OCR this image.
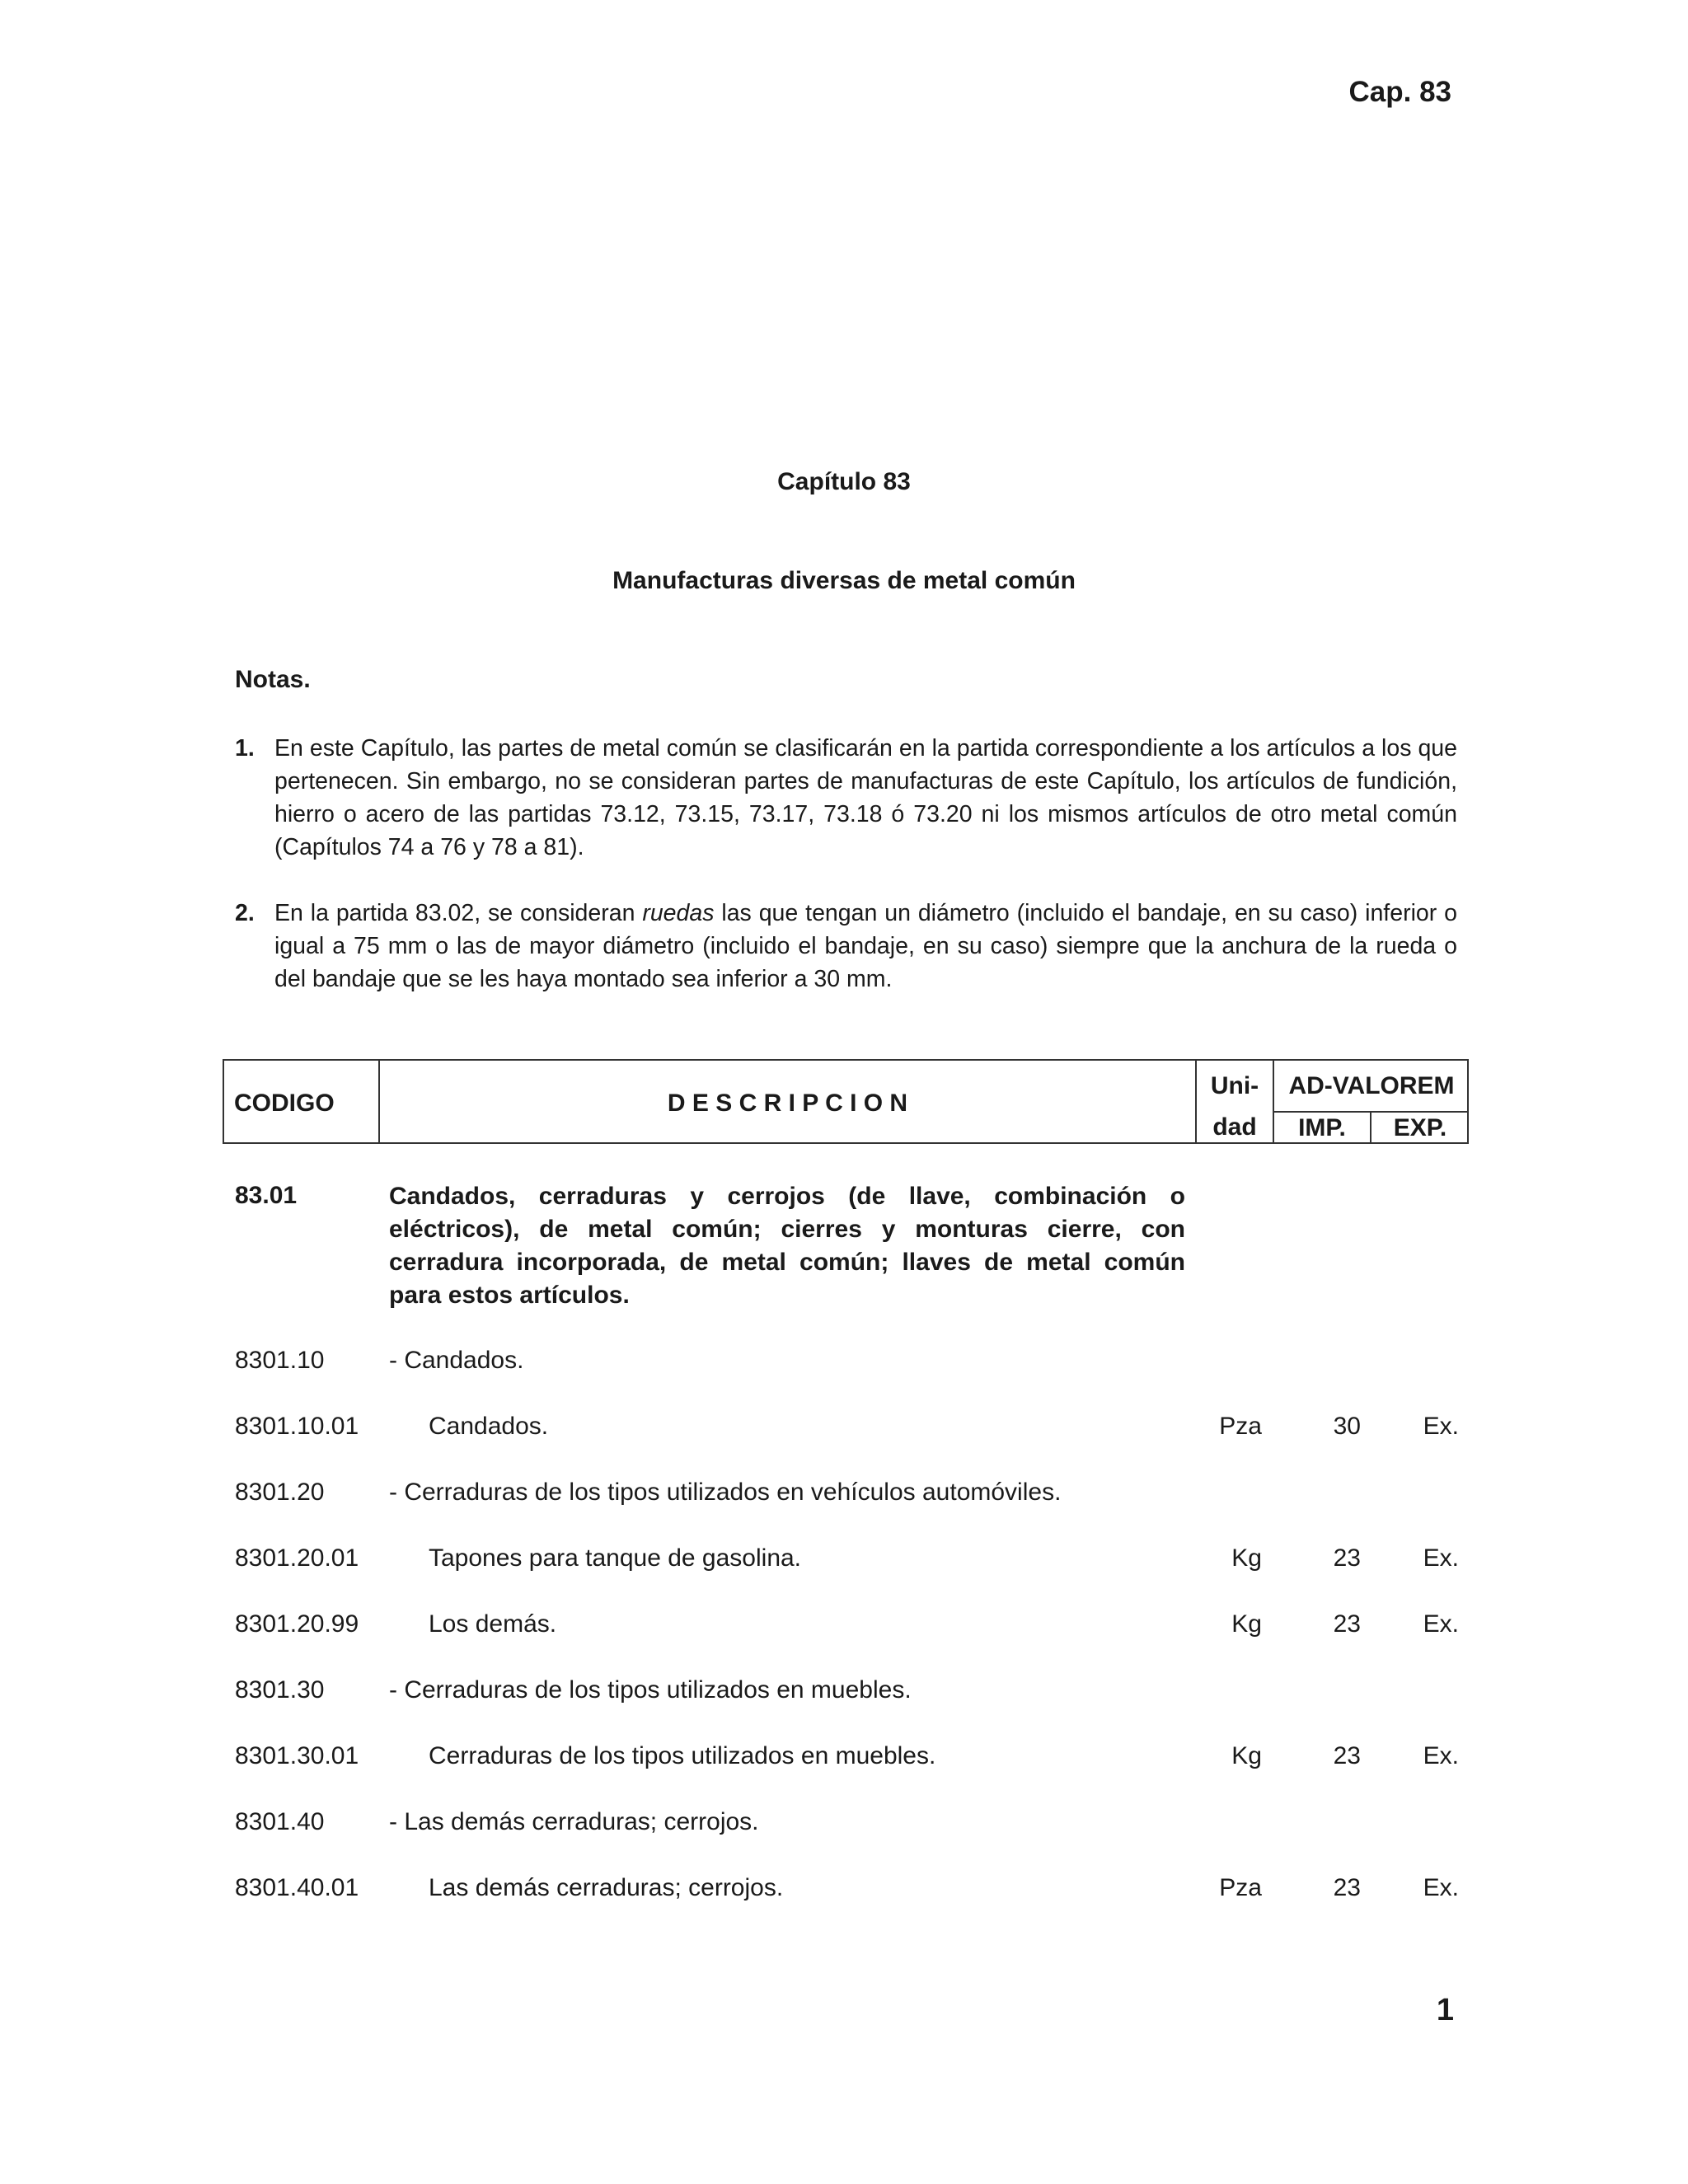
Cap. 83
Capítulo 83
Manufacturas diversas de metal común
Notas.
1. En este Capítulo, las partes de metal común se clasificarán en la partida correspondiente a los artículos a los que pertenecen. Sin embargo, no se consideran partes de manufacturas de este Capítulo, los artículos de fundición, hierro o acero de las partidas 73.12, 73.15, 73.17, 73.18 ó 73.20 ni los mismos artículos de otro metal común (Capítulos 74 a 76 y 78 a 81).
2. En la partida 83.02, se consideran ruedas las que tengan un diámetro (incluido el bandaje, en su caso) inferior o igual a 75 mm o las de mayor diámetro (incluido el bandaje, en su caso) siempre que la anchura de la rueda o del bandaje que se les haya montado sea inferior a 30 mm.
CODIGO	D E S C R I P C I O N
Uni-
dad
AD-VALOREM
IMP.	EXP.
83.01	Candados, cerraduras y cerrojos (de llave, combinación o eléctricos), de metal común; cierres y monturas cierre, con cerradura incorporada, de metal común; llaves de metal común para estos artículos.
8301.10	- Candados.
8301.10.01	Candados.	Pza	30	Ex.
8301.20	- Cerraduras de los tipos utilizados en vehículos automóviles.
8301.20.01	Tapones para tanque de gasolina.	Kg	23	Ex.
8301.20.99	Los demás.	Kg	23	Ex.
8301.30	- Cerraduras de los tipos utilizados en muebles.
8301.30.01	Cerraduras de los tipos utilizados en muebles.	Kg	23	Ex.
8301.40	- Las demás cerraduras; cerrojos.
8301.40.01	Las demás cerraduras; cerrojos.	Pza	23	Ex.
1
